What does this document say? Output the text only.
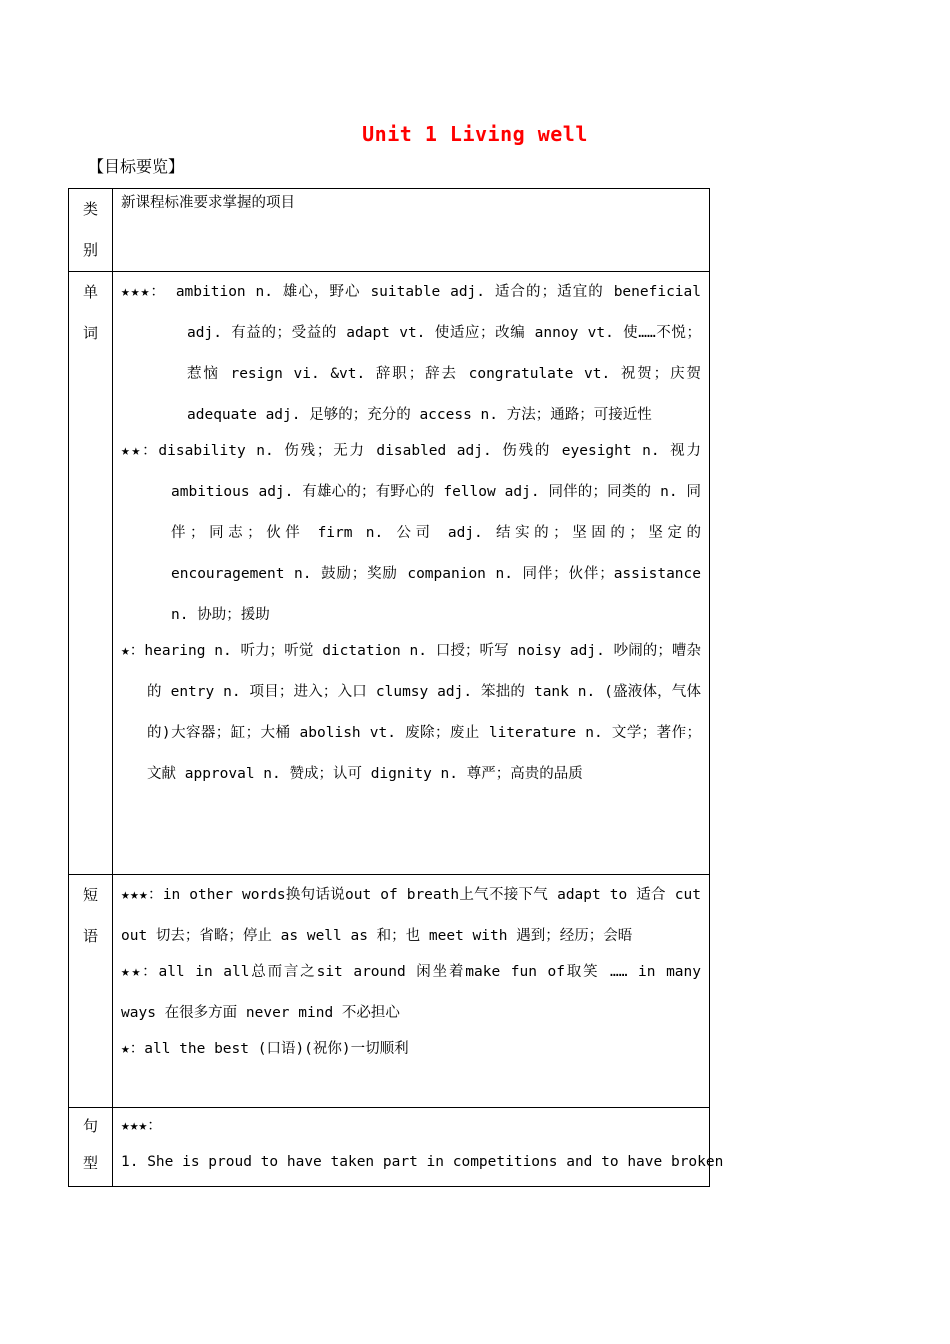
Unit 1 Living well
【目标要览】
类别	新课程标准要求掌握的项目

单词	★★★： ambition n. 雄心，野心 suitable adj. 适合的；适宜的 beneficial adj. 有益的；受益的 adapt vt. 使适应；改编 annoy vt. 使……不悦；惹恼 resign vi. &vt. 辞职；辞去 congratulate vt. 祝贺；庆贺 adequate adj. 足够的；充分的 access n. 方法；通路；可接近性
★★：disability n. 伤残；无力 disabled adj. 伤残的 eyesight n. 视力 ambitious adj. 有雄心的；有野心的 fellow adj. 同伴的；同类的 n. 同伴；同志；伙伴 firm n. 公司 adj. 结实的；坚固的；坚定的 encouragement n. 鼓励；奖励 companion n. 同伴；伙伴；assistance n. 协助；援助
★：hearing n. 听力；听觉 dictation n. 口授；听写 noisy adj. 吵闹的；嘈杂的 entry n. 项目；进入；入口 clumsy adj. 笨拙的 tank n. (盛液体，气体的)大容器；缸；大桶 abolish vt. 废除；废止 literature n. 文学；著作；文献 approval n. 赞成；认可 dignity n. 尊严；高贵的品质

短语	★★★：in other words换句话说out of breath上气不接下气 adapt to 适合 cut out 切去；省略；停止 as well as 和；也 meet with 遇到；经历；会晤
★★：all in all总而言之sit around 闲坐着make fun of取笑 …… in many ways 在很多方面 never mind 不必担心
★：all the best (口语)(祝你)一切顺利

句型	★★★：
1. She is proud to have taken part in competitions and to have broken
